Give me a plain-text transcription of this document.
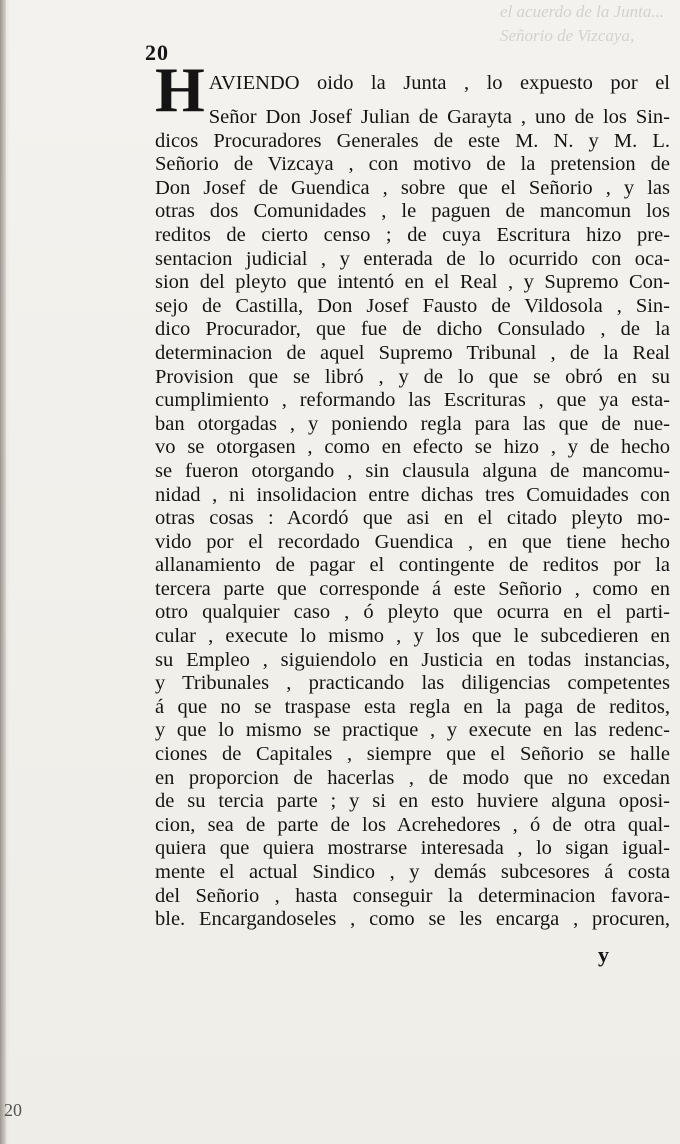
el acuerdo de la Junta...
Señorio de Vizcaya,
20
HAVIENDO oido la Junta , lo expuesto por el
Señor Don Josef Julian de Garayta , uno de los Sin-
dicos Procuradores Generales de este M. N. y M. L.
Señorio de Vizcaya , con motivo de la pretension de
Don Josef de Guendica , sobre que el Señorio , y las
otras dos Comunidades , le paguen de mancomun los
reditos de cierto censo ; de cuya Escritura hizo pre-
sentacion judicial , y enterada de lo ocurrido con oca-
sion del pleyto que intentó en el Real , y Supremo Con-
sejo de Castilla, Don Josef Fausto de Vildosola , Sin-
dico Procurador, que fue de dicho Consulado , de la
determinacion de aquel Supremo Tribunal , de la Real
Provision que se libró , y de lo que se obró en su
cumplimiento , reformando las Escrituras , que ya esta-
ban otorgadas , y poniendo regla para las que de nue-
vo se otorgasen , como en efecto se hizo , y de hecho
se fueron otorgando , sin clausula alguna de mancomu-
nidad , ni insolidacion entre dichas tres Comuidades con
otras cosas : Acordó que asi en el citado pleyto mo-
vido por el recordado Guendica , en que tiene hecho
allanamiento de pagar el contingente de reditos por la
tercera parte que corresponde á este Señorio , como en
otro qualquier caso , ó pleyto que ocurra en el parti-
cular , execute lo mismo , y los que le subcedieren en
su Empleo , siguiendolo en Justicia en todas instancias,
y Tribunales , practicando las diligencias competentes
á que no se traspase esta regla en la paga de reditos,
y que lo mismo se practique , y execute en las redenc-
ciones de Capitales , siempre que el Señorio se halle
en proporcion de hacerlas , de modo que no excedan
de su tercia parte ; y si en esto huviere alguna oposi-
cion, sea de parte de los Acrehedores , ó de otra qual-
quiera que quiera mostrarse interesada , lo sigan igual-
mente el actual Sindico , y demás subcesores á costa
del Señorio , hasta conseguir la determinacion favora-
ble. Encargandoseles , como se les encarga , procuren,
y
20
